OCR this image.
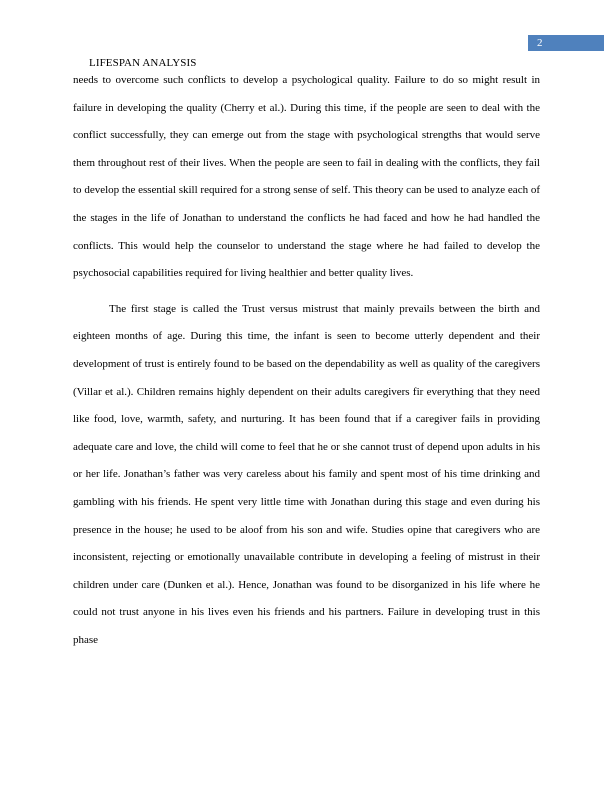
2
LIFESPAN ANALYSIS

needs to overcome such conflicts to develop a psychological quality. Failure to do so might result in failure in developing the quality (Cherry et al.). During this time, if the people are seen to deal with the conflict successfully, they can emerge out from the stage with psychological strengths that would serve them throughout rest of their lives. When the people are seen to fail in dealing with the conflicts, they fail to develop the essential skill required for a strong sense of self. This theory can be used to analyze each of the stages in the life of Jonathan to understand the conflicts he had faced and how he had handled the conflicts. This would help the counselor to understand the stage where he had failed to develop the psychosocial capabilities required for living healthier and better quality lives.

The first stage is called the Trust versus mistrust that mainly prevails between the birth and eighteen months of age. During this time, the infant is seen to become utterly dependent and their development of trust is entirely found to be based on the dependability as well as quality of the caregivers (Villar et al.). Children remains highly dependent on their adults caregivers fir everything that they need like food, love, warmth, safety, and nurturing. It has been found that if a caregiver fails in providing adequate care and love, the child will come to feel that he or she cannot trust of depend upon adults in his or her life. Jonathan’s father was very careless about his family and spent most of his time drinking and gambling with his friends. He spent very little time with Jonathan during this stage and even during his presence in the house; he used to be aloof from his son and wife. Studies opine that caregivers who are inconsistent, rejecting or emotionally unavailable contribute in developing a feeling of mistrust in their children under care (Dunken et al.). Hence, Jonathan was found to be disorganized in his life where he could not trust anyone in his lives even his friends and his partners. Failure in developing trust in this phase
